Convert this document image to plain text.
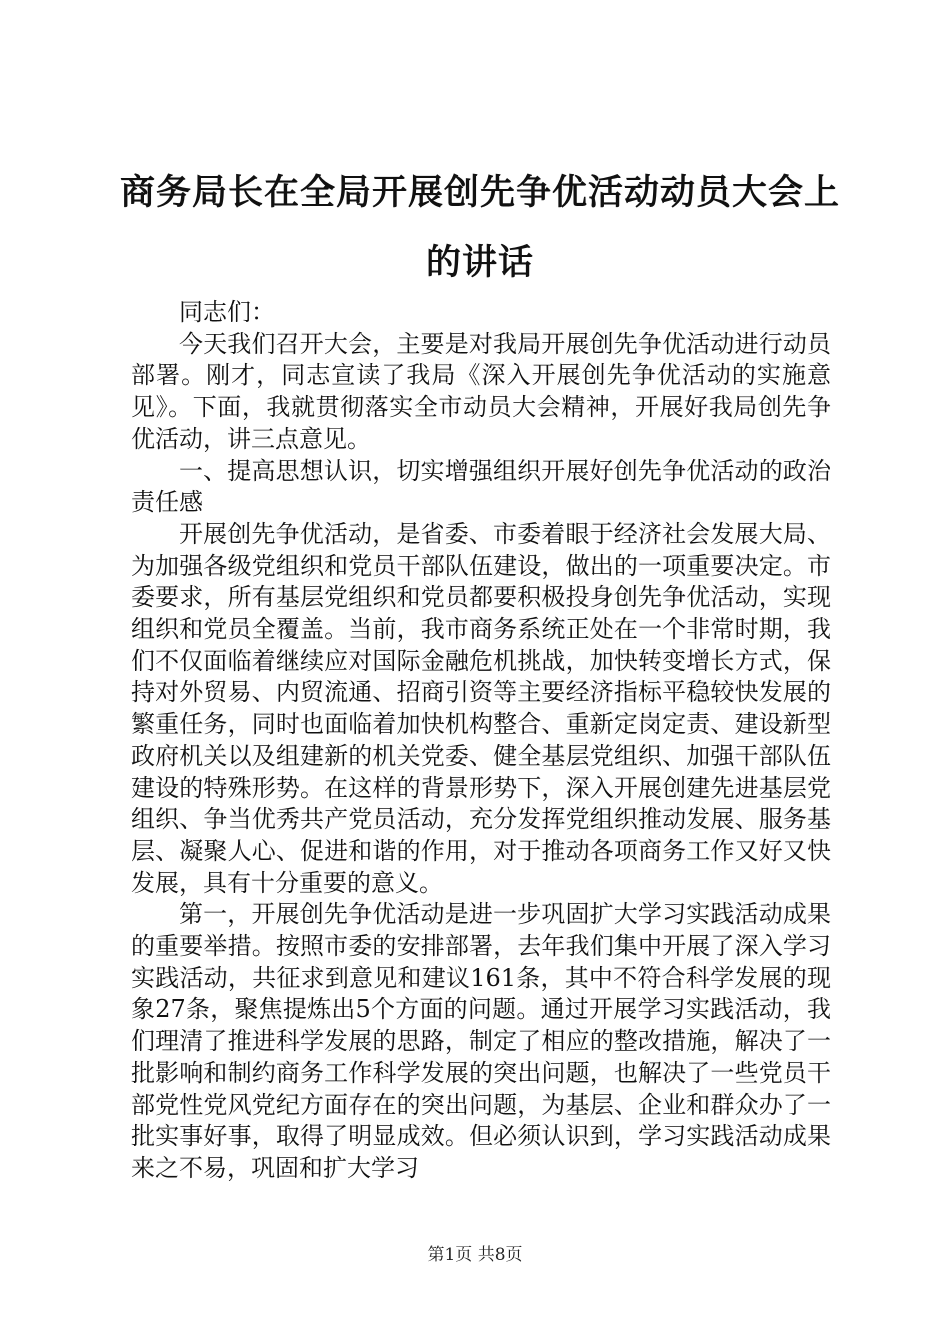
商务局长在全局开展创先争优活动动员大会上的讲话

同志们：

今天我们召开大会，主要是对我局开展创先争优活动进行动员部署。刚才，同志宣读了我局《深入开展创先争优活动的实施意见》。下面，我就贯彻落实全市动员大会精神，开展好我局创先争优活动，讲三点意见。

一、提高思想认识，切实增强组织开展好创先争优活动的政治责任感

开展创先争优活动，是省委、市委着眼于经济社会发展大局、为加强各级党组织和党员干部队伍建设，做出的一项重要决定。市委要求，所有基层党组织和党员都要积极投身创先争优活动，实现组织和党员全覆盖。当前，我市商务系统正处在一个非常时期，我们不仅面临着继续应对国际金融危机挑战，加快转变增长方式，保持对外贸易、内贸流通、招商引资等主要经济指标平稳较快发展的繁重任务，同时也面临着加快机构整合、重新定岗定责、建设新型政府机关以及组建新的机关党委、健全基层党组织、加强干部队伍建设的特殊形势。在这样的背景形势下，深入开展创建先进基层党组织、争当优秀共产党员活动，充分发挥党组织推动发展、服务基层、凝聚人心、促进和谐的作用，对于推动各项商务工作又好又快发展，具有十分重要的意义。

第一，开展创先争优活动是进一步巩固扩大学习实践活动成果的重要举措。按照市委的安排部署，去年我们集中开展了深入学习实践活动，共征求到意见和建议161条，其中不符合科学发展的现象27条，聚焦提炼出5个方面的问题。通过开展学习实践活动，我们理清了推进科学发展的思路，制定了相应的整改措施，解决了一批影响和制约商务工作科学发展的突出问题，也解决了一些党员干部党性党风党纪方面存在的突出问题，为基层、企业和群众办了一批实事好事，取得了明显成效。但必须认识到，学习实践活动成果来之不易，巩固和扩大学习

第1页 共8页
